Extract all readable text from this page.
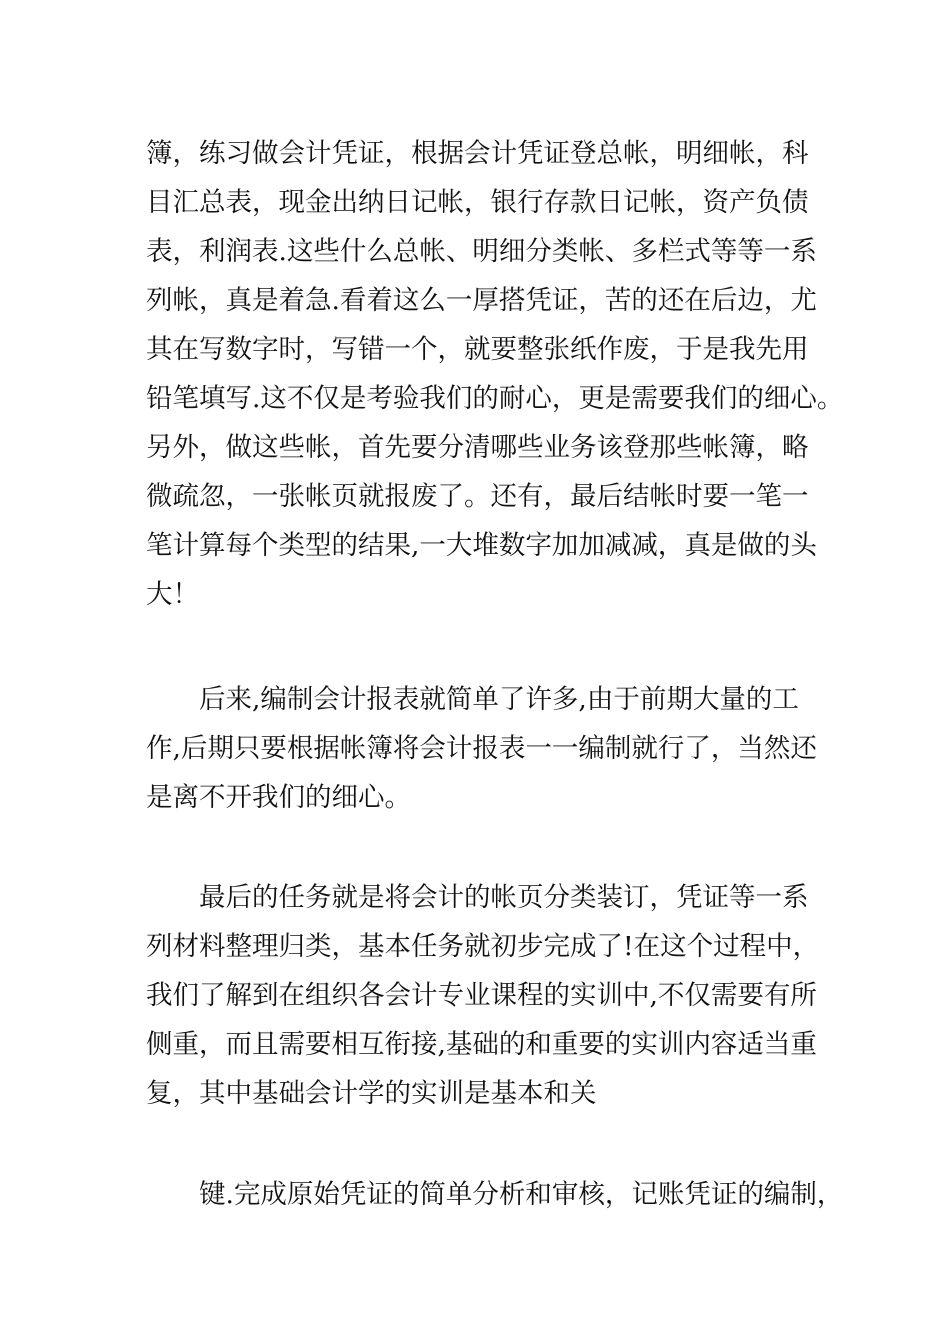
簿，练习做会计凭证，根据会计凭证登总帐，明细帐，科
目汇总表，现金出纳日记帐，银行存款日记帐，资产负债
表，利润表.这些什么总帐、明细分类帐、多栏式等等一系
列帐，真是着急.看着这么一厚搭凭证，苦的还在后边，尤
其在写数字时，写错一个，就要整张纸作废，于是我先用
铅笔填写.这不仅是考验我们的耐心，更是需要我们的细心。
另外，做这些帐，首先要分清哪些业务该登那些帐簿，略
微疏忽，一张帐页就报废了。还有，最后结帐时要一笔一
笔计算每个类型的结果,一大堆数字加加减减，真是做的头
大！

　　后来,编制会计报表就简单了许多,由于前期大量的工
作,后期只要根据帐簿将会计报表一一编制就行了，当然还
是离不开我们的细心。

　　最后的任务就是将会计的帐页分类装订，凭证等一系
列材料整理归类，基本任务就初步完成了!在这个过程中，
我们了解到在组织各会计专业课程的实训中,不仅需要有所
侧重，而且需要相互衔接,基础的和重要的实训内容适当重
复，其中基础会计学的实训是基本和关

　　键.完成原始凭证的简单分析和审核，记账凭证的编制，
